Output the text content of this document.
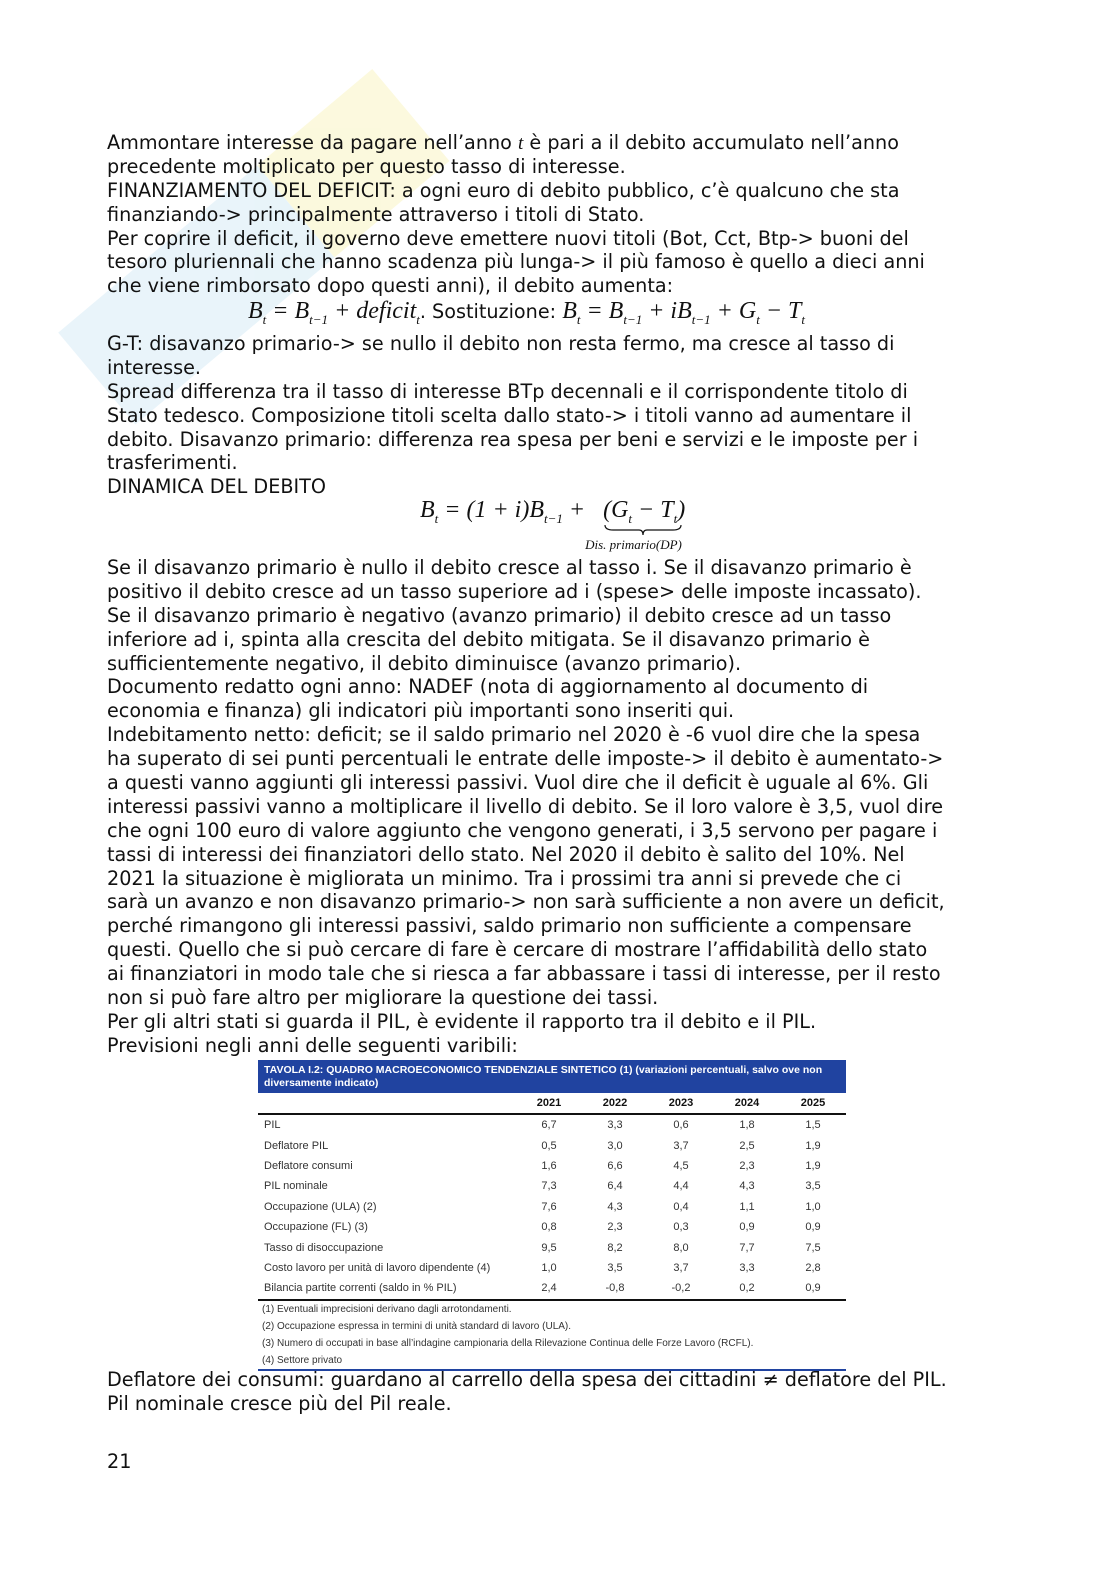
Ammontare interesse da pagare nell’anno t è pari a il debito accumulato nell’anno
precedente moltiplicato per questo tasso di interesse.
FINANZIAMENTO DEL DEFICIT: a ogni euro di debito pubblico, c’è qualcuno che sta
finanziando-> principalmente attraverso i titoli di Stato.
Per coprire il deficit, il governo deve emettere nuovi titoli (Bot, Cct, Btp-> buoni del
tesoro pluriennali che hanno scadenza più lunga-> il più famoso è quello a dieci anni
che viene rimborsato dopo questi anni), il debito aumenta:
$B_t = B_{t-1}$ + deficit$_t$. Sostituzione: $B_t = B_{t-1} + iB_{t-1} + G_t - T_t$
G-T: disavanzo primario-> se nullo il debito non resta fermo, ma cresce al tasso di
interesse.
Spread differenza tra il tasso di interesse BTp decennali e il corrispondente titolo di
Stato tedesco. Composizione titoli scelta dallo stato-> i titoli vanno ad aumentare il
debito. Disavanzo primario: differenza rea spesa per beni e servizi e le imposte per i
trasferimenti.
DINAMICA DEL DEBITO
$B_t = (1 + i)B_{t-1} + (G_t - T_t)$
Dis. primario(DP)
Se il disavanzo primario è nullo il debito cresce al tasso i. Se il disavanzo primario è
positivo il debito cresce ad un tasso superiore ad i (spese> delle imposte incassato).
Se il disavanzo primario è negativo (avanzo primario) il debito cresce ad un tasso
inferiore ad i, spinta alla crescita del debito mitigata. Se il disavanzo primario è
sufficientemente negativo, il debito diminuisce (avanzo primario).
Documento redatto ogni anno: NADEF (nota di aggiornamento al documento di
economia e finanza) gli indicatori più importanti sono inseriti qui.
Indebitamento netto: deficit; se il saldo primario nel 2020 è -6 vuol dire che la spesa
ha superato di sei punti percentuali le entrate delle imposte-> il debito è aumentato->
a questi vanno aggiunti gli interessi passivi. Vuol dire che il deficit è uguale al 6%. Gli
interessi passivi vanno a moltiplicare il livello di debito. Se il loro valore è 3,5, vuol dire
che ogni 100 euro di valore aggiunto che vengono generati, i 3,5 servono per pagare i
tassi di interessi dei finanziatori dello stato. Nel 2020 il debito è salito del 10%. Nel
2021 la situazione è migliorata un minimo. Tra i prossimi tra anni si prevede che ci
sarà un avanzo e non disavanzo primario-> non sarà sufficiente a non avere un deficit,
perché rimangono gli interessi passivi, saldo primario non sufficiente a compensare
questi. Quello che si può cercare di fare è cercare di mostrare l’affidabilità dello stato
ai finanziatori in modo tale che si riesca a far abbassare i tassi di interesse, per il resto
non si può fare altro per migliorare la questione dei tassi.
Per gli altri stati si guarda il PIL, è evidente il rapporto tra il debito e il PIL.
Previsioni negli anni delle seguenti varibili:
TAVOLA I.2: QUADRO MACROECONOMICO TENDENZIALE SINTETICO (1) (variazioni percentuali, salvo ove non diversamente indicato)
	2021	2022	2023	2024	2025
PIL	6,7	3,3	0,6	1,8	1,5
Deflatore PIL	0,5	3,0	3,7	2,5	1,9
Deflatore consumi	1,6	6,6	4,5	2,3	1,9
PIL nominale	7,3	6,4	4,4	4,3	3,5
Occupazione (ULA) (2)	7,6	4,3	0,4	1,1	1,0
Occupazione (FL) (3)	0,8	2,3	0,3	0,9	0,9
Tasso di disoccupazione	9,5	8,2	8,0	7,7	7,5
Costo lavoro per unità di lavoro dipendente (4)	1,0	3,5	3,7	3,3	2,8
Bilancia partite correnti (saldo in % PIL)	2,4	-0,8	-0,2	0,2	0,9
(1) Eventuali imprecisioni derivano dagli arrotondamenti.
(2) Occupazione espressa in termini di unità standard di lavoro (ULA).
(3) Numero di occupati in base all’indagine campionaria della Rilevazione Continua delle Forze Lavoro (RCFL).
(4) Settore privato
Deflatore dei consumi: guardano al carrello della spesa dei cittadini ≠ deflatore del PIL.
Pil nominale cresce più del Pil reale.
21
